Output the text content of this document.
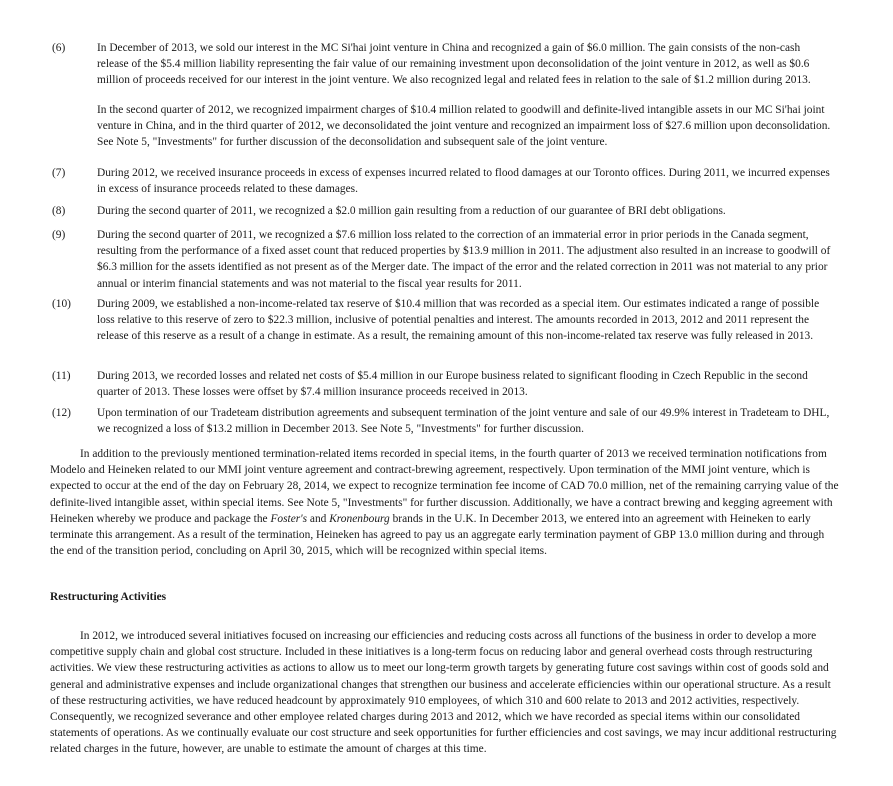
(6)	In December of 2013, we sold our interest in the MC Si'hai joint venture in China and recognized a gain of $6.0 million. The gain consists of the non-cash release of the $5.4 million liability representing the fair value of our remaining investment upon deconsolidation of the joint venture in 2012, as well as $0.6 million of proceeds received for our interest in the joint venture. We also recognized legal and related fees in relation to the sale of $1.2 million during 2013.

In the second quarter of 2012, we recognized impairment charges of $10.4 million related to goodwill and definite-lived intangible assets in our MC Si'hai joint venture in China, and in the third quarter of 2012, we deconsolidated the joint venture and recognized an impairment loss of $27.6 million upon deconsolidation. See Note 5, "Investments" for further discussion of the deconsolidation and subsequent sale of the joint venture.

(7)	During 2012, we received insurance proceeds in excess of expenses incurred related to flood damages at our Toronto offices. During 2011, we incurred expenses in excess of insurance proceeds related to these damages.
(8)	During the second quarter of 2011, we recognized a $2.0 million gain resulting from a reduction of our guarantee of BRI debt obligations.
(9)	During the second quarter of 2011, we recognized a $7.6 million loss related to the correction of an immaterial error in prior periods in the Canada segment, resulting from the performance of a fixed asset count that reduced properties by $13.9 million in 2011. The adjustment also resulted in an increase to goodwill of $6.3 million for the assets identified as not present as of the Merger date. The impact of the error and the related correction in 2011 was not material to any prior annual or interim financial statements and was not material to the fiscal year results for 2011.
(10) During 2009, we established a non-income-related tax reserve of $10.4 million that was recorded as a special item. Our estimates indicated a range of possible loss relative to this reserve of zero to $22.3 million, inclusive of potential penalties and interest. The amounts recorded in 2013, 2012 and 2011 represent the release of this reserve as a result of a change in estimate. As a result, the remaining amount of this non-income-related tax reserve was fully released in 2013.
(11) During 2013, we recorded losses and related net costs of $5.4 million in our Europe business related to significant flooding in Czech Republic in the second quarter of 2013. These losses were offset by $7.4 million insurance proceeds received in 2013.
(12) Upon termination of our Tradeteam distribution agreements and subsequent termination of the joint venture and sale of our 49.9% interest in Tradeteam to DHL, we recognized a loss of $13.2 million in December 2013. See Note 5, "Investments" for further discussion.

In addition to the previously mentioned termination-related items recorded in special items, in the fourth quarter of 2013 we received termination notifications from Modelo and Heineken related to our MMI joint venture agreement and contract-brewing agreement, respectively. Upon termination of the MMI joint venture, which is expected to occur at the end of the day on February 28, 2014, we expect to recognize termination fee income of CAD 70.0 million, net of the remaining carrying value of the definite-lived intangible asset, within special items. See Note 5, "Investments" for further discussion. Additionally, we have a contract brewing and kegging agreement with Heineken whereby we produce and package the Foster's and Kronenbourg brands in the U.K. In December 2013, we entered into an agreement with Heineken to early terminate this arrangement. As a result of the termination, Heineken has agreed to pay us an aggregate early termination payment of GBP 13.0 million during and through the end of the transition period, concluding on April 30, 2015, which will be recognized within special items.

Restructuring Activities

In 2012, we introduced several initiatives focused on increasing our efficiencies and reducing costs across all functions of the business in order to develop a more competitive supply chain and global cost structure. Included in these initiatives is a long-term focus on reducing labor and general overhead costs through restructuring activities. We view these restructuring activities as actions to allow us to meet our long-term growth targets by generating future cost savings within cost of goods sold and general and administrative expenses and include organizational changes that strengthen our business and accelerate efficiencies within our operational structure. As a result of these restructuring activities, we have reduced headcount by approximately 910 employees, of which 310 and 600 relate to 2013 and 2012 activities, respectively. Consequently, we recognized severance and other employee related charges during 2013 and 2012, which we have recorded as special items within our consolidated statements of operations. As we continually evaluate our cost structure and seek opportunities for further efficiencies and cost savings, we may incur additional restructuring related charges in the future, however, are unable to estimate the amount of charges at this time.
